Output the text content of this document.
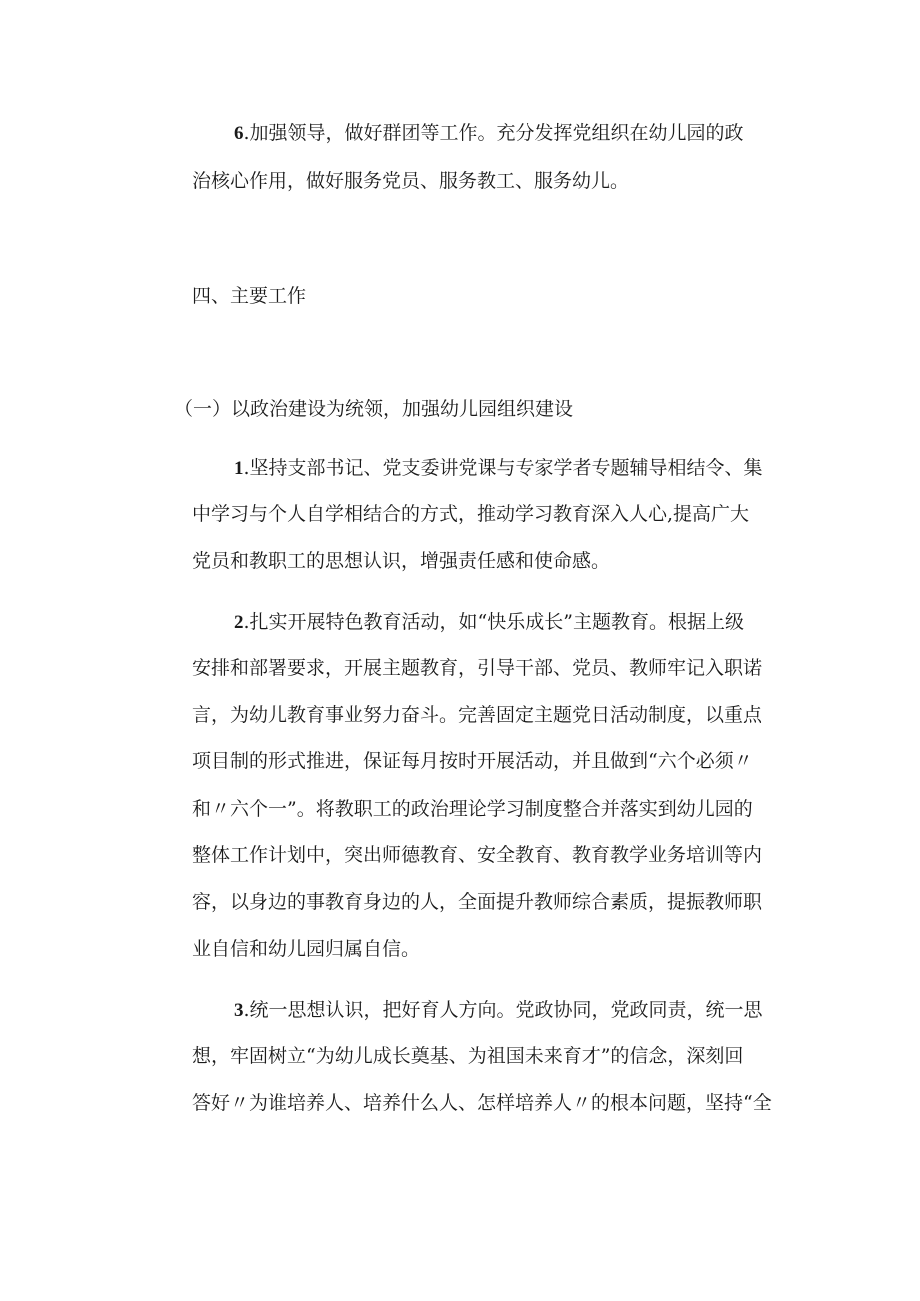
6.加强领导，做好群团等工作。充分发挥党组织在幼儿园的政
治核心作用，做好服务党员、服务教工、服务幼儿。
四、主要工作
（一）以政治建设为统领，加强幼儿园组织建设
1.坚持支部书记、党支委讲党课与专家学者专题辅导相结令、集
中学习与个人自学相结合的方式，推动学习教育深入人心,提高广大
党员和教职工的思想认识，增强责任感和使命感。
2.扎实开展特色教育活动，如“快乐成长”主题教育。根据上级
安排和部署要求，开展主题教育，引导干部、党员、教师牢记入职诺
言，为幼儿教育事业努力奋斗。完善固定主题党日活动制度，以重点
项目制的形式推进，保证每月按时开展活动，并且做到“六个必须〃
和〃六个一”。将教职工的政治理论学习制度整合并落实到幼儿园的
整体工作计划中，突出师德教育、安全教育、教育教学业务培训等内
容，以身边的事教育身边的人，全面提升教师综合素质，提振教师职
业自信和幼儿园归属自信。
3.统一思想认识，把好育人方向。党政协同，党政同责，统一思
想，牢固树立“为幼儿成长奠基、为祖国未来育才”的信念，深刻回
答好〃为谁培养人、培养什么人、怎样培养人〃的根本问题，坚持“全
